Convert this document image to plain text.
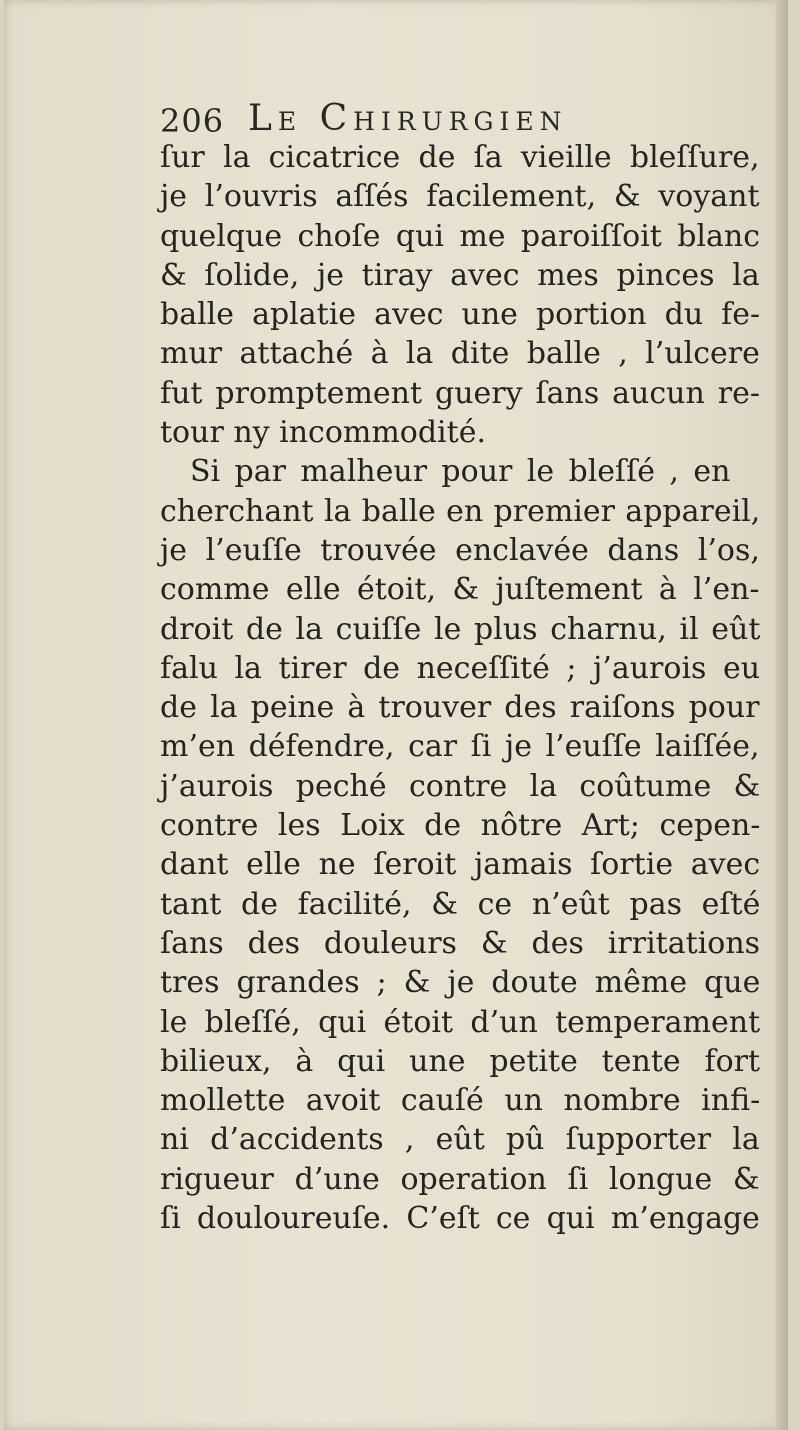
206 Le Chirurgien
ſur la cicatrice de ſa vieille bleſſure,
je l’ouvris aſſés facilement, & voyant
quelque choſe qui me paroiſſoit blanc
& ſolide, je tiray avec mes pinces la
balle aplatie avec une portion du fe-
mur attaché à la dite balle , l’ulcere
fut promptement guery ſans aucun re-
tour ny incommodité.
Si par malheur pour le bleſſé , en
cherchant la balle en premier appareil,
je l’euſſe trouvée enclavée dans l’os,
comme elle étoit, & juſtement à l’en-
droit de la cuiſſe le plus charnu, il eût
falu la tirer de neceſſité ; j’aurois eu
de la peine à trouver des raiſons pour
m’en défendre, car ſi je l’euſſe laiſſée,
j’aurois peché contre la coûtume &
contre les Loix de nôtre Art; cepen-
dant elle ne ſeroit jamais ſortie avec
tant de facilité, & ce n’eût pas eſté
ſans des douleurs & des irritations
tres grandes ; & je doute même que
le bleſſé, qui étoit d’un temperament
bilieux, à qui une petite tente fort
mollette avoit cauſé un nombre infi-
ni d’accidents , eût pû ſupporter la
rigueur d’une operation ſi longue &
ſi douloureuſe. C’eſt ce qui m’engage
